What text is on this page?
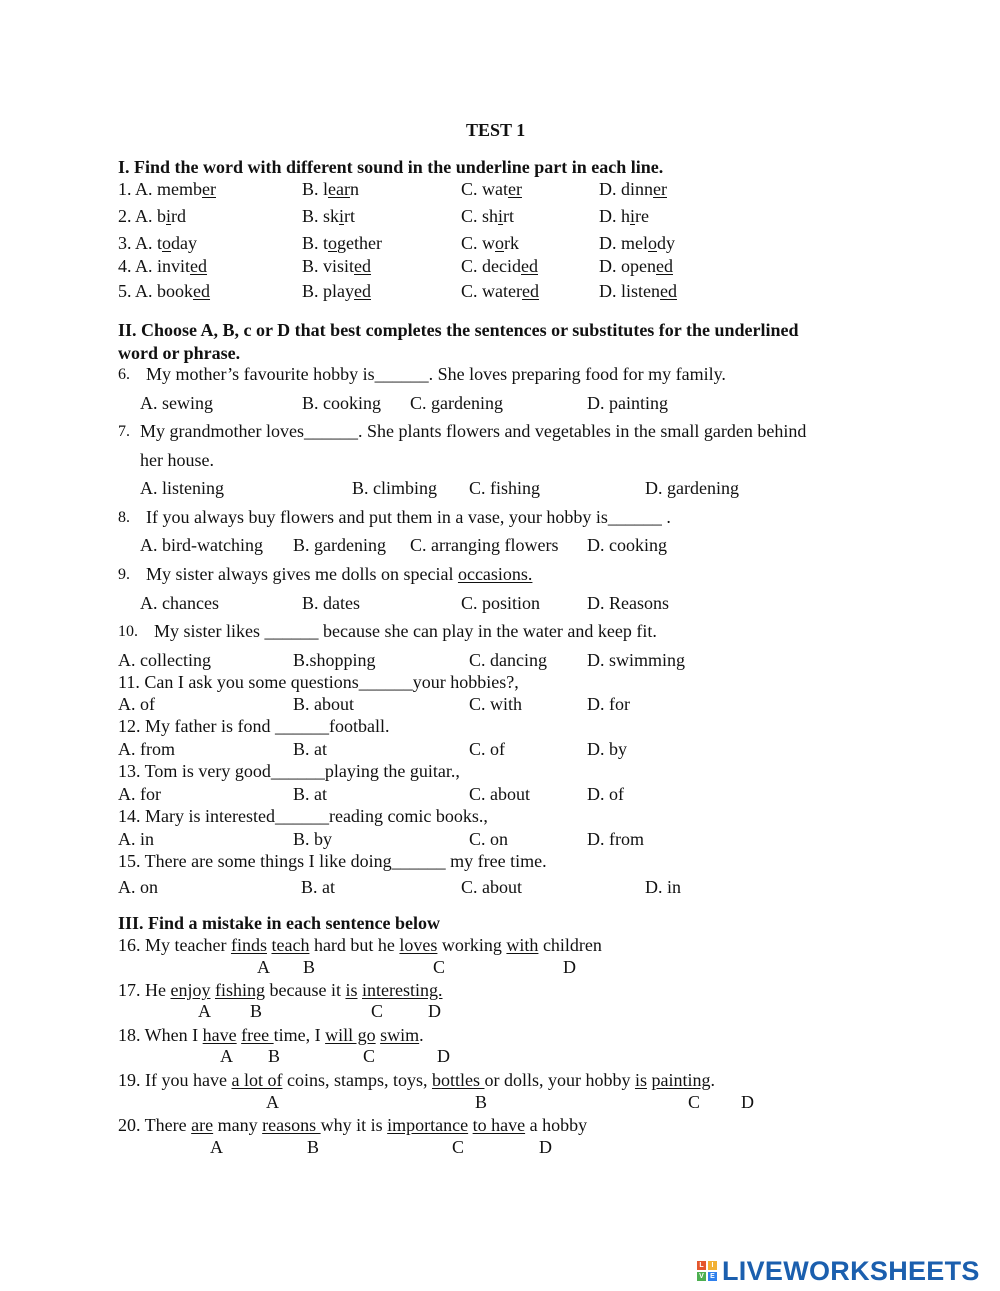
TEST 1
I. Find the word with different sound in the underline part in each line.
1. A. member	B. learn	C. water	D. dinner
2. A. bird	B. skirt	C. shirt	D. hire
3. A. today	B. together	C. work	D. melody
4. A. invited	B. visited	C. decided	D. opened
5. A. booked	B. played	C. watered	D. listened
II. Choose A, B, c or D that best completes the sentences or substitutes for the underlined
word or phrase.
6. My mother’s favourite hobby is______. She loves preparing food for my family.
A. sewing	B. cooking C. gardening	D. painting
7. My grandmother loves______. She plants flowers and vegetables in the small garden behind
her house.
A. listening	B. climbing C. fishing	D. gardening
8. If you always buy flowers and put them in a vase, your hobby is______ .
A. bird-watching B. gardening C. arranging flowers D. cooking
9. My sister always gives me dolls on special occasions.
A. chances	B. dates	C. position	D. Reasons
10. My sister likes ______ because she can play in the water and keep fit.
A. collecting	B.shopping	C. dancing D. swimming
11. Can I ask you some questions______your hobbies?,
A. of	B. about	C. with	D. for
12. My father is fond ______football.
A. from	B. at	C. of	D. by
13. Tom is very good______playing the guitar.,
A. for	B. at	C. about	D. of
14. Mary is interested______reading comic books.,
A. in	B. by	C. on	D. from
15. There are some things I like doing______ my free time.
A. on	B. at	C. about	D. in
III. Find a mistake in each sentence below
16. My teacher finds teach hard but he loves working with children
17. He enjoy fishing because it is interesting.
18. When I have free time, I will go swim.
19. If you have a lot of coins, stamps, toys, bottles or dolls, your hobby is painting.
20. There are many reasons why it is importance to have a hobby
A B	C	D
A B	C D
A B	C	D
A	B	C D
A	B	C	D
L	I
V E LIVEWORKSHEETS
